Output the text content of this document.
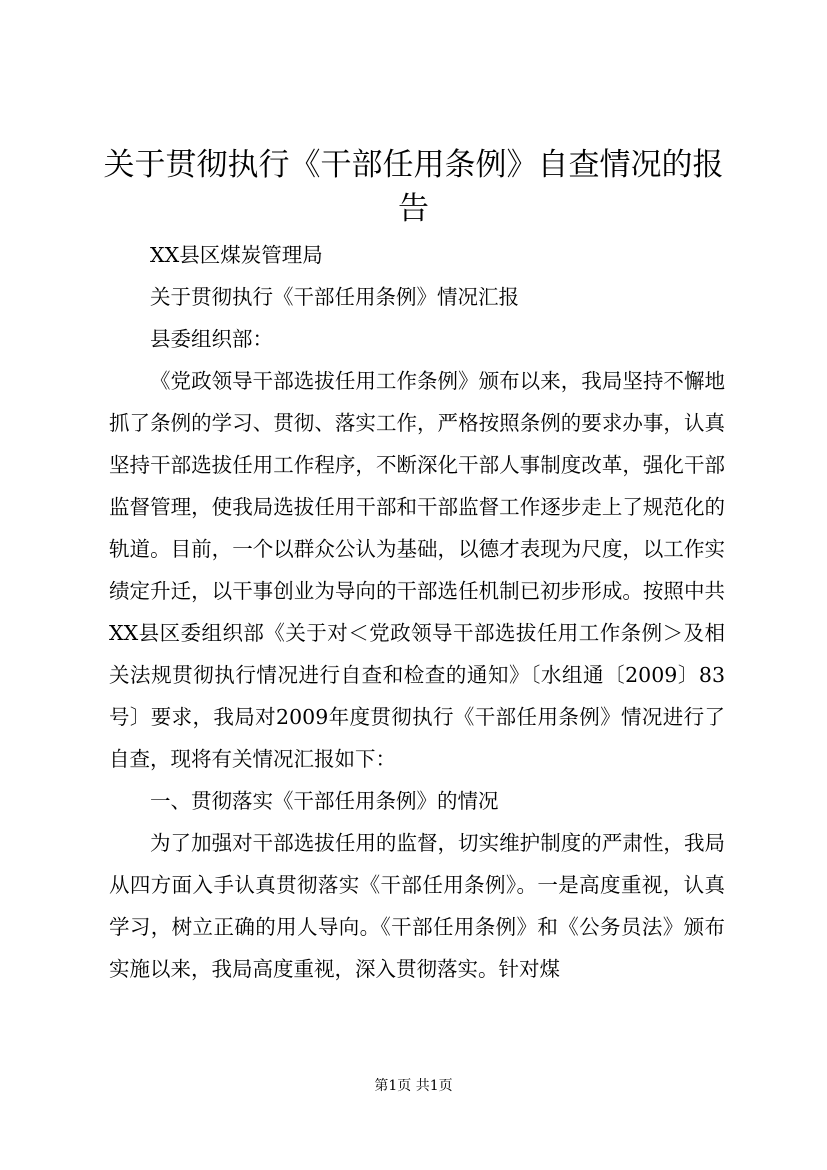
关于贯彻执行《干部任用条例》自查情况的报告

XX县区煤炭管理局

关于贯彻执行《干部任用条例》情况汇报

县委组织部：

《党政领导干部选拔任用工作条例》颁布以来，我局坚持不懈地抓了条例的学习、贯彻、落实工作，严格按照条例的要求办事，认真坚持干部选拔任用工作程序，不断深化干部人事制度改革，强化干部监督管理，使我局选拔任用干部和干部监督工作逐步走上了规范化的轨道。目前，一个以群众公认为基础，以德才表现为尺度，以工作实绩定升迁，以干事创业为导向的干部选任机制已初步形成。按照中共XX县区委组织部《关于对＜党政领导干部选拔任用工作条例＞及相关法规贯彻执行情况进行自查和检查的通知》〔水组通〔2009〕83号〕要求，我局对2009年度贯彻执行《干部任用条例》情况进行了自查，现将有关情况汇报如下：

一、贯彻落实《干部任用条例》的情况

为了加强对干部选拔任用的监督，切实维护制度的严肃性，我局从四方面入手认真贯彻落实《干部任用条例》。一是高度重视，认真学习，树立正确的用人导向。《干部任用条例》和《公务员法》颁布实施以来，我局高度重视，深入贯彻落实。针对煤

第1页 共1页
